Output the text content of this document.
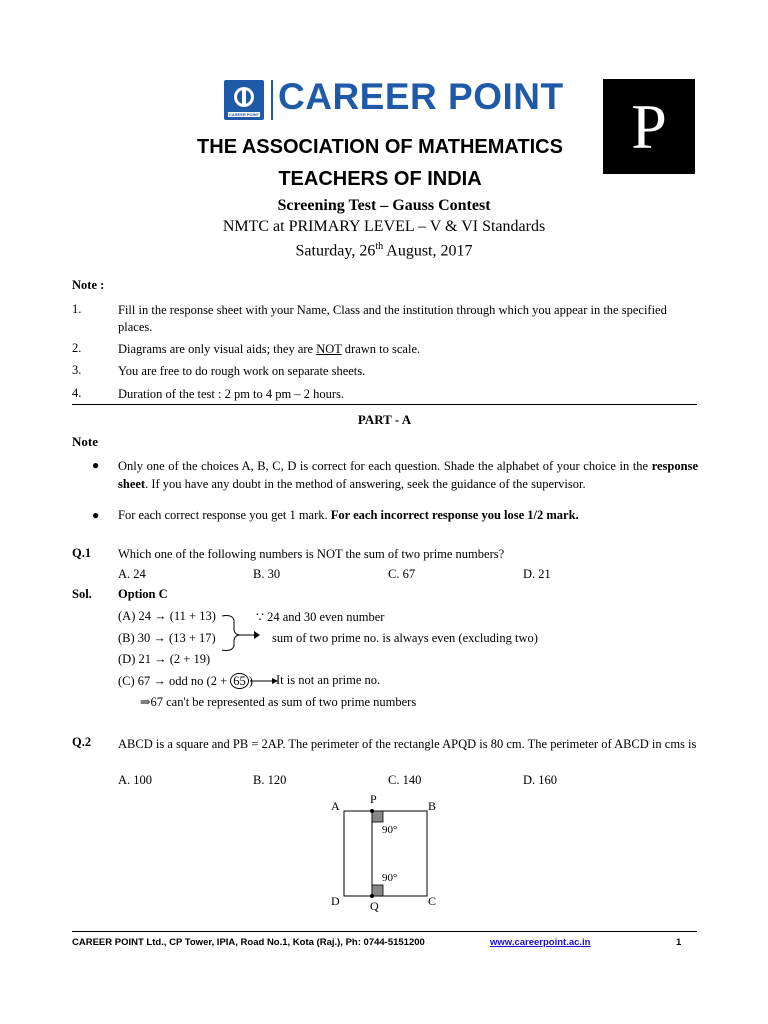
CAREER POINT CAREER POINT	P
THE ASSOCIATION OF MATHEMATICS
TEACHERS OF INDIA
Screening Test – Gauss Contest
NMTC at PRIMARY LEVEL – V & VI Standards
Saturday, 26th August, 2017
Note :
1.	Fill in the response sheet with your Name, Class and the institution through which you appear in the specified places.
2.	Diagrams are only visual aids; they are NOT drawn to scale.
3.	You are free to do rough work on separate sheets.
4.	Duration of the test : 2 pm to 4 pm – 2 hours.
PART - A
Note
● Only one of the choices A, B, C, D is correct for each question. Shade the alphabet of your choice in the response sheet. If you have any doubt in the method of answering, seek the guidance of the supervisor.
● For each correct response you get 1 mark. For each incorrect response you lose 1/2 mark.
Q.1 Which one of the following numbers is NOT the sum of two prime numbers?
A. 24	B. 30	C. 67	D. 21
Sol. Option C
(A) 24 → (11 + 13)
(B) 30 → (13 + 17)
(D) 21 → (2 + 19)
(C) 67 → odd no (2 + 65 )
∵ 24 and 30 even number
sum of two prime no. is always even (excluding two)
It is not an prime no.
⇒67 can't be represented as sum of two prime numbers
Q.2 ABCD is a square and PB = 2AP. The perimeter of the rectangle APQD is 80 cm. The perimeter of ABCD in cms is
A. 100	B. 120	C. 140	D. 160
A	B
C
D
P
Q
90°
90°
CAREER POINT Ltd., CP Tower, IPIA, Road No.1, Kota (Raj.), Ph: 0744-5151200	www.careerpoint.ac.in	1
